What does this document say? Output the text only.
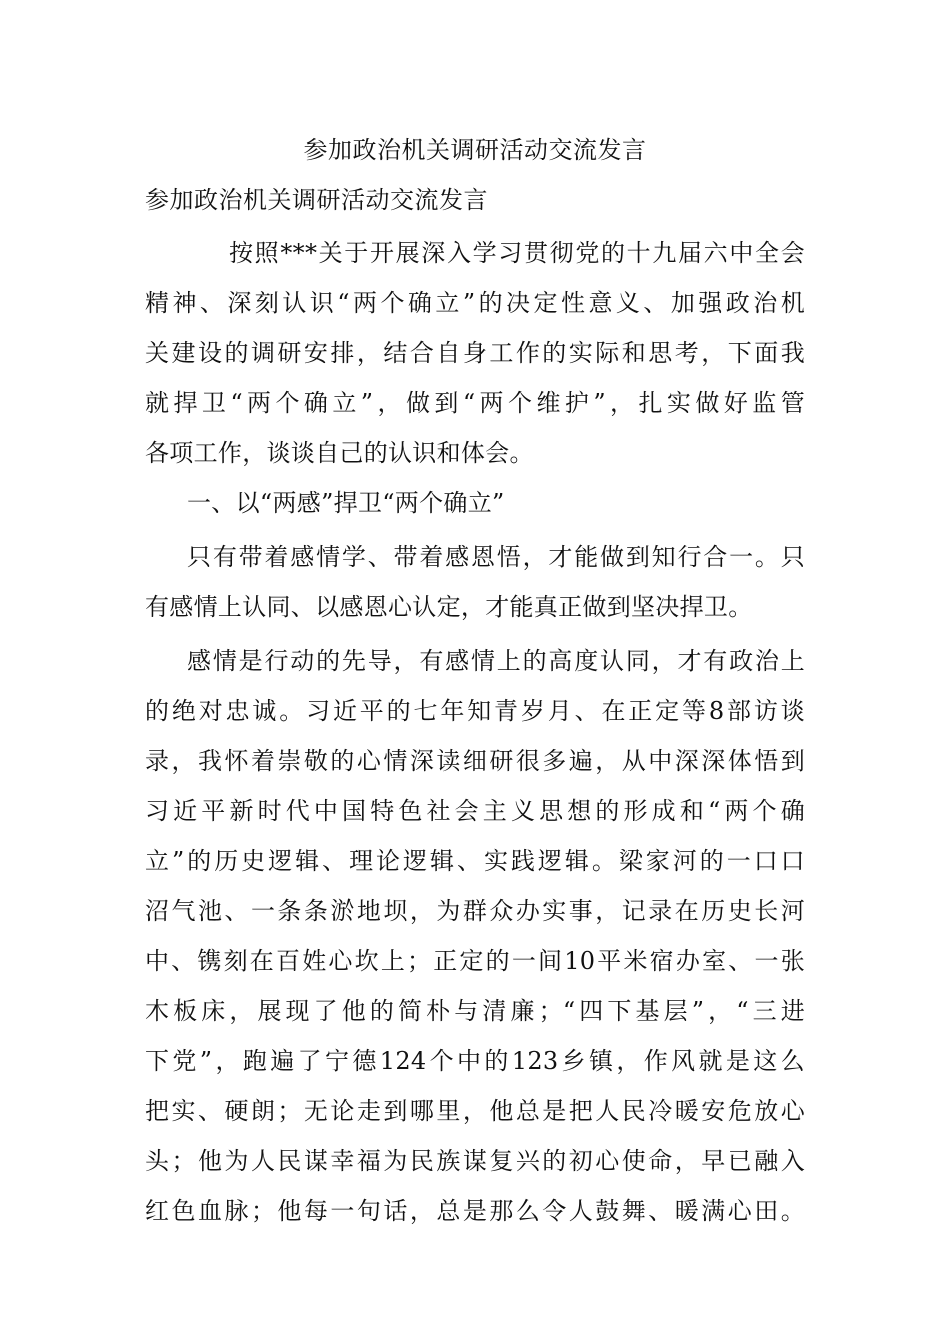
参加政治机关调研活动交流发言
参加政治机关调研活动交流发言
按照***关于开展深入学习贯彻党的十九届六中全会
精神、深刻认识“两个确立”的决定性意义、加强政治机
关建设的调研安排，结合自身工作的实际和思考，下面我
就捍卫“两个确立”，做到“两个维护”，扎实做好监管
各项工作，谈谈自己的认识和体会。
一、以“两感”捍卫“两个确立”
只有带着感情学、带着感恩悟，才能做到知行合一。只
有感情上认同、以感恩心认定，才能真正做到坚决捍卫。
感情是行动的先导，有感情上的高度认同，才有政治上
的绝对忠诚。习近平的七年知青岁月、在正定等8部访谈
录，我怀着崇敬的心情深读细研很多遍，从中深深体悟到
习近平新时代中国特色社会主义思想的形成和“两个确
立”的历史逻辑、理论逻辑、实践逻辑。梁家河的一口口
沼气池、一条条淤地坝，为群众办实事，记录在历史长河
中、镌刻在百姓心坎上；正定的一间10平米宿办室、一张
木板床，展现了他的简朴与清廉；“四下基层”，“三进
下党”，跑遍了宁德124个中的123乡镇，作风就是这么
把实、硬朗；无论走到哪里，他总是把人民冷暖安危放心
头；他为人民谋幸福为民族谋复兴的初心使命，早已融入
红色血脉；他每一句话，总是那么令人鼓舞、暖满心田。
